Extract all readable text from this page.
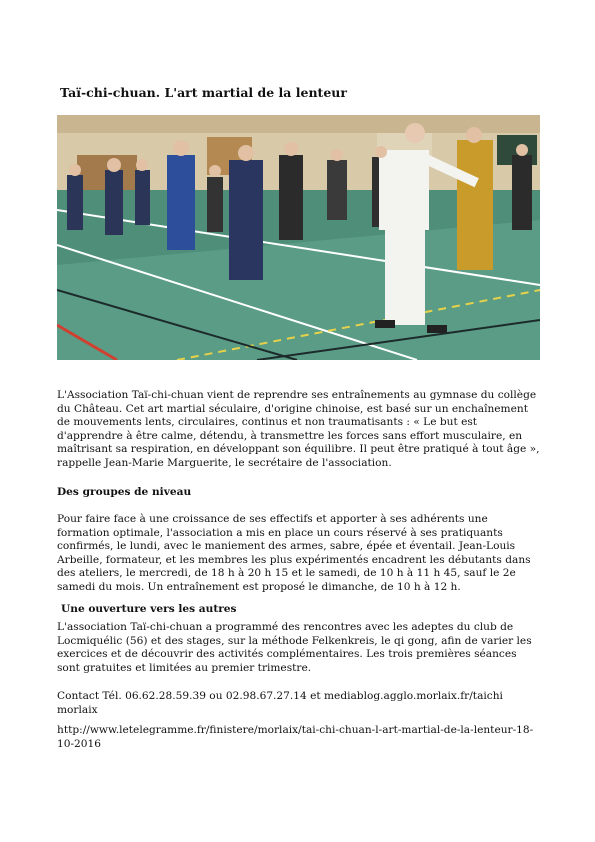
Taï-chi-chuan. L'art martial de la lenteur

L'Association Taï-chi-chuan vient de reprendre ses entraînements au gymnase du collège du Château. Cet art martial séculaire, d'origine chinoise, est basé sur un enchaînement de mouvements lents, circulaires, continus et non traumatisants : « Le but est d'apprendre à être calme, détendu, à transmettre les forces sans effort musculaire, en maîtrisant sa respiration, en développant son équilibre. Il peut être pratiqué à tout âge », rappelle Jean-Marie Marguerite, le secrétaire de l'association.

Des groupes de niveau

Pour faire face à une croissance de ses effectifs et apporter à ses adhérents une formation optimale, l'association a mis en place un cours réservé à ses pratiquants confirmés, le lundi, avec le maniement des armes, sabre, épée et éventail. Jean-Louis Arbeille, formateur, et les membres les plus expérimentés encadrent les débutants dans des ateliers, le mercredi, de 18 h à 20 h 15 et le samedi, de 10 h à 11 h 45, sauf le 2e samedi du mois. Un entraînement est proposé le dimanche, de 10 h à 12 h.

Une ouverture vers les autres

L'association Taï-chi-chuan a programmé des rencontres avec les adeptes du club de Locmiquélic (56) et des stages, sur la méthode Felkenkreis, le qi gong, afin de varier les exercices et de découvrir des activités complémentaires. Les trois premières séances sont gratuites et limitées au premier trimestre.

Contact Tél. 06.62.28.59.39 ou 02.98.67.27.14 et mediablog.agglo.morlaix.fr/taichi morlaix

http://www.letelegramme.fr/finistere/morlaix/tai-chi-chuan-l-art-martial-de-la-lenteur-18-10-2016
